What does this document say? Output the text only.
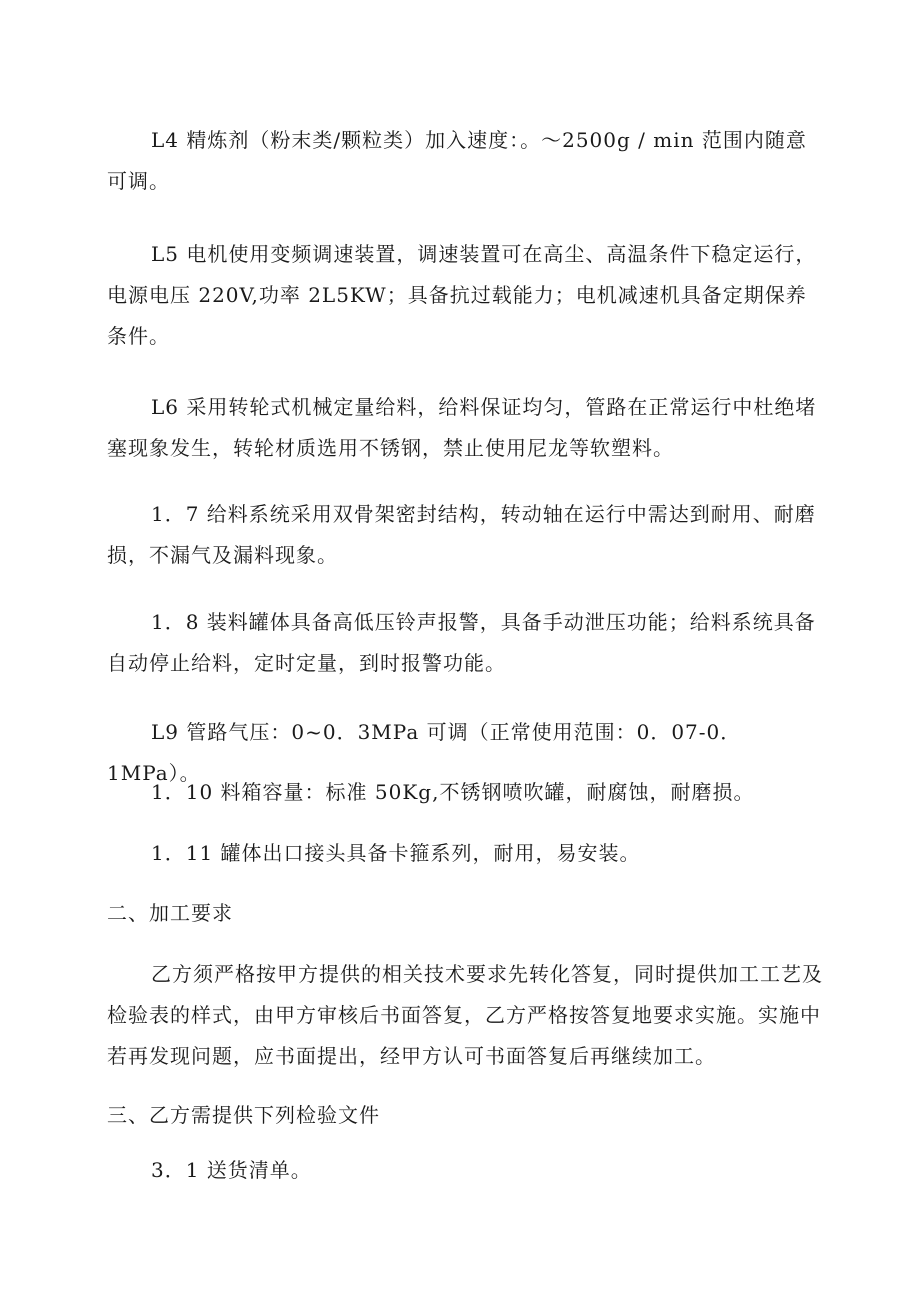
L4 精炼剂（粉末类/颗粒类）加入速度：。～2500g / min 范围内随意可调。

L5 电机使用变频调速装置，调速装置可在高尘、高温条件下稳定运行，电源电压 220V,功率 2L5KW；具备抗过载能力；电机减速机具备定期保养条件。

L6 采用转轮式机械定量给料，给料保证均匀，管路在正常运行中杜绝堵塞现象发生，转轮材质选用不锈钢，禁止使用尼龙等软塑料。

1．7 给料系统采用双骨架密封结构，转动轴在运行中需达到耐用、耐磨损，不漏气及漏料现象。

1．8 装料罐体具备高低压铃声报警，具备手动泄压功能；给料系统具备自动停止给料，定时定量，到时报警功能。

L9 管路气压：0~0．3MPa 可调（正常使用范围：0．07-0．1MPa）。

1．10 料箱容量：标准 50Kg,不锈钢喷吹罐，耐腐蚀，耐磨损。

1．11 罐体出口接头具备卡箍系列，耐用，易安装。

二、加工要求

乙方须严格按甲方提供的相关技术要求先转化答复，同时提供加工工艺及检验表的样式，由甲方审核后书面答复，乙方严格按答复地要求实施。实施中若再发现问题，应书面提出，经甲方认可书面答复后再继续加工。

三、乙方需提供下列检验文件

3．1 送货清单。
